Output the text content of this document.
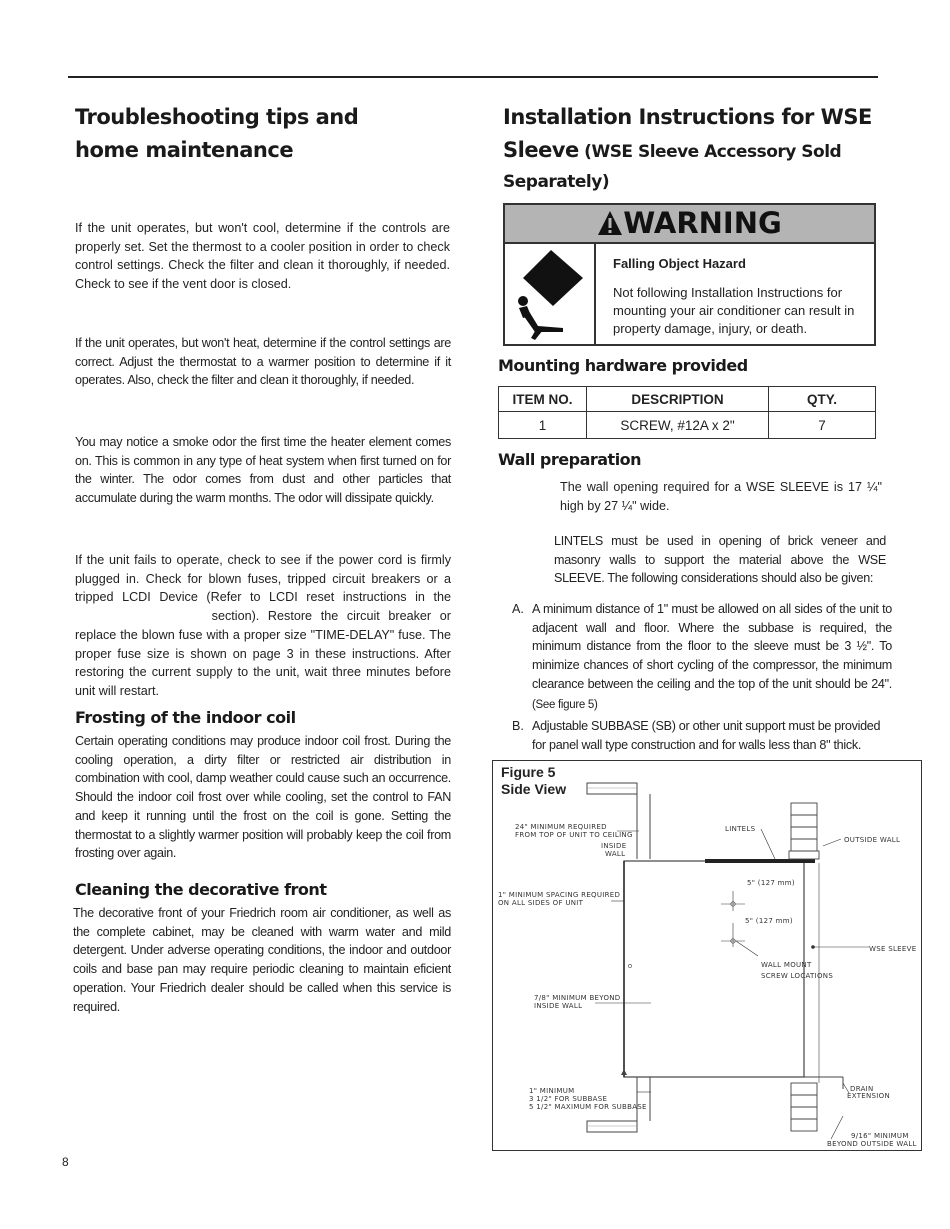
Troubleshooting tips and
home maintenance

If the unit operates, but won't cool, determine if the controls are properly set. Set the thermost to a cooler position in order to check control settings. Check the filter and clean it thoroughly, if needed. Check to see if the vent door is closed.

If the unit operates, but won't heat, determine if the control settings are correct. Adjust the thermostat to a warmer position to determine if it operates. Also, check the filter and clean it thoroughly, if needed.

You may notice a smoke odor the first time the heater element comes on. This is common in any type of heat system when first turned on for the winter. The odor comes from dust and other particles that accumulate during the warm months. The odor will dissipate quickly.

If the unit fails to operate, check to see if the power cord is firmly plugged in. Check for blown fuses, tripped circuit breakers or a tripped LCDI Device (Refer to LCDI reset instructions in the  section). Restore the circuit breaker or replace the blown fuse with a proper size "TIME-DELAY" fuse. The proper fuse size is shown on page 3 in these instructions. After restoring the current supply to the unit, wait three minutes before unit will restart.

Frosting of the indoor coil

Certain operating conditions may produce indoor coil frost. During the cooling operation, a dirty filter or restricted air distribution in combination with cool, damp weather could cause such an occurrence. Should the indoor coil frost over while cooling, set the control to FAN and keep it running until the frost on the coil is gone. Setting the thermostat to a slightly warmer position will probably keep the coil from frosting over again.

Cleaning the decorative front

The decorative front of your Friedrich room air conditioner, as well as the complete cabinet, may be cleaned with warm water and mild detergent. Under adverse operating conditions, the indoor and outdoor coils and base pan may require periodic cleaning to maintain eficient operation. Your Friedrich dealer should be called when this service is required.

Installation Instructions for WSE
Sleeve (WSE Sleeve Accessory Sold
Separately)
WARNING
Falling Object Hazard
Not following Installation Instructions for mounting your air conditioner can result in property damage, injury, or death.
Mounting hardware provided
ITEM NO.	DESCRIPTION	QTY.
1	SCREW, #12A x 2"	7
Wall preparation

The wall opening required for a WSE SLEEVE is 17 ¼" high by 27 ¼" wide.

LINTELS must be used in opening of brick veneer and masonry walls to support the material above the WSE SLEEVE. The following considerations should also be given:

A. A minimum distance of 1" must be allowed on all sides of the unit to adjacent wall and floor. Where the subbase is required, the minimum distance from the floor to the sleeve must be 3 ½". To minimize chances of short cycling of the compressor, the minimum clearance between the ceiling and the top of the unit should be 24". (See figure 5)

B. Adjustable SUBBASE (SB) or other unit support must be provided for panel wall type construction and for walls less than 8" thick.

Figure 5
Side View
24" MINIMUM REQUIRED
FROM TOP OF UNIT TO CEILING
INSIDE
WALL
LINTELS
OUTSIDE WALL
5" (127 mm)
1" MINIMUM SPACING REQUIRED
ON ALL SIDES OF UNIT
5" (127 mm)
WSE SLEEVE
WALL MOUNT
SCREW LOCATIONS
7/8" MINIMUM BEYOND
INSIDE WALL
1" MINIMUM
3 1/2" FOR SUBBASE
5 1/2" MAXIMUM FOR SUBBASE
DRAIN
EXTENSION
9/16" MINIMUM
BEYOND OUTSIDE WALL
8
